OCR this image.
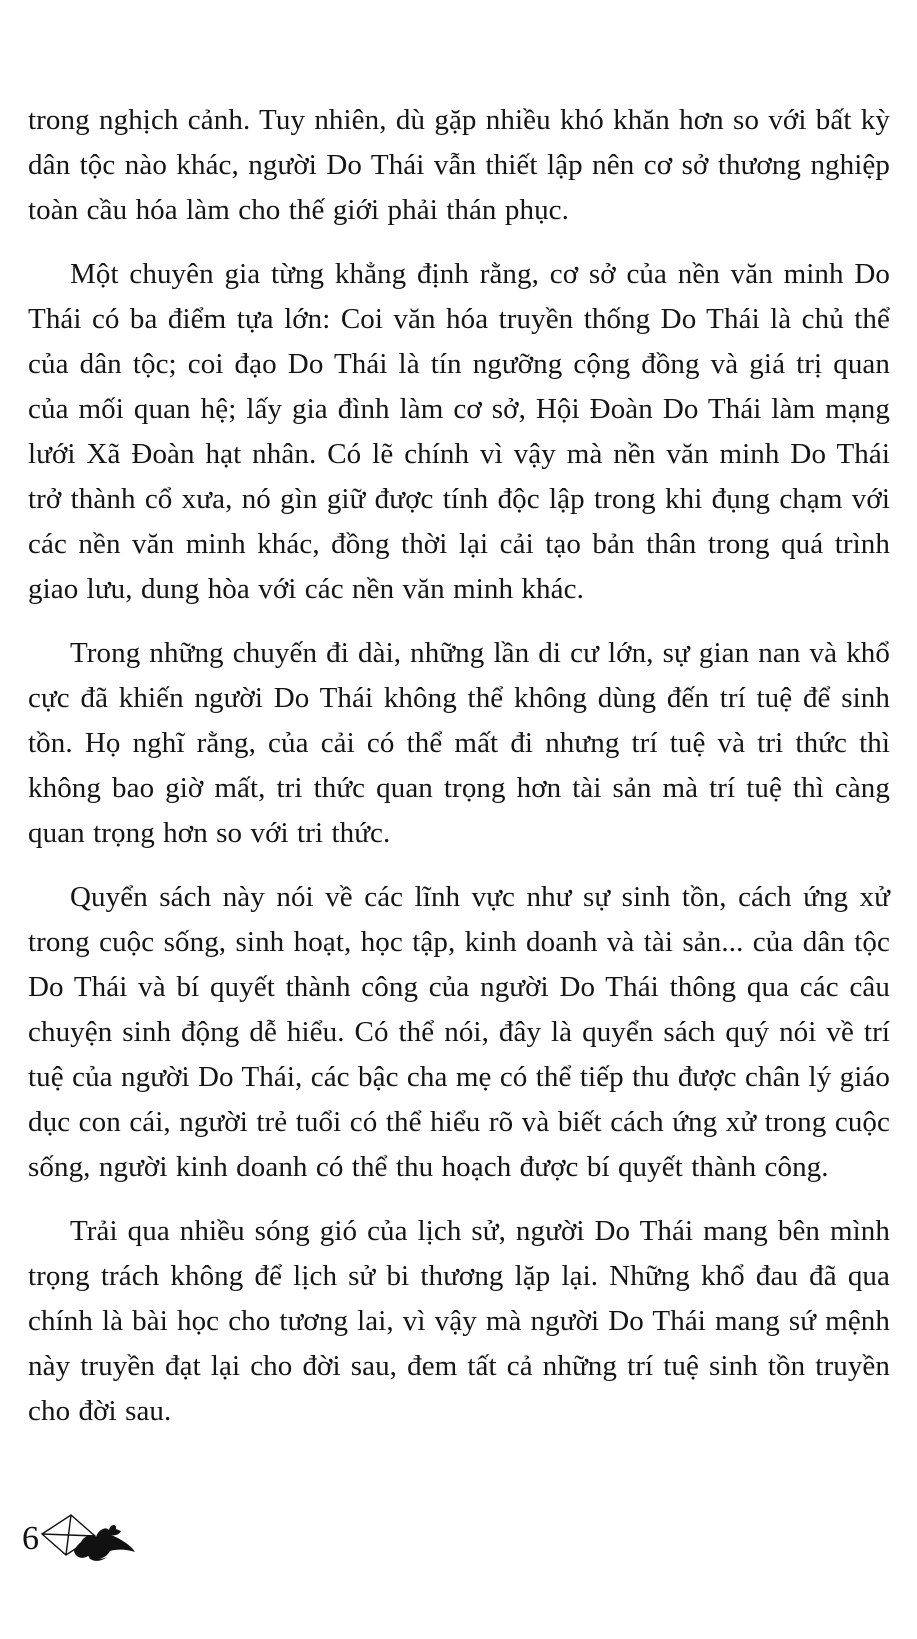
trong nghịch cảnh. Tuy nhiên, dù gặp nhiều khó khăn hơn so với bất kỳ dân tộc nào khác, người Do Thái vẫn thiết lập nên cơ sở thương nghiệp toàn cầu hóa làm cho thế giới phải thán phục.
Một chuyên gia từng khẳng định rằng, cơ sở của nền văn minh Do Thái có ba điểm tựa lớn: Coi văn hóa truyền thống Do Thái là chủ thể của dân tộc; coi đạo Do Thái là tín ngưỡng cộng đồng và giá trị quan của mối quan hệ; lấy gia đình làm cơ sở, Hội Đoàn Do Thái làm mạng lưới Xã Đoàn hạt nhân. Có lẽ chính vì vậy mà nền văn minh Do Thái trở thành cổ xưa, nó gìn giữ được tính độc lập trong khi đụng chạm với các nền văn minh khác, đồng thời lại cải tạo bản thân trong quá trình giao lưu, dung hòa với các nền văn minh khác.
Trong những chuyến đi dài, những lần di cư lớn, sự gian nan và khổ cực đã khiến người Do Thái không thể không dùng đến trí tuệ để sinh tồn. Họ nghĩ rằng, của cải có thể mất đi nhưng trí tuệ và tri thức thì không bao giờ mất, tri thức quan trọng hơn tài sản mà trí tuệ thì càng quan trọng hơn so với tri thức.
Quyển sách này nói về các lĩnh vực như sự sinh tồn, cách ứng xử trong cuộc sống, sinh hoạt, học tập, kinh doanh và tài sản... của dân tộc Do Thái và bí quyết thành công của người Do Thái thông qua các câu chuyện sinh động dễ hiểu. Có thể nói, đây là quyển sách quý nói về trí tuệ của người Do Thái, các bậc cha mẹ có thể tiếp thu được chân lý giáo dục con cái, người trẻ tuổi có thể hiểu rõ và biết cách ứng xử trong cuộc sống, người kinh doanh có thể thu hoạch được bí quyết thành công.
Trải qua nhiều sóng gió của lịch sử, người Do Thái mang bên mình trọng trách không để lịch sử bi thương lặp lại. Những khổ đau đã qua chính là bài học cho tương lai, vì vậy mà người Do Thái mang sứ mệnh này truyền đạt lại cho đời sau, đem tất cả những trí tuệ sinh tồn truyền cho đời sau.
6
